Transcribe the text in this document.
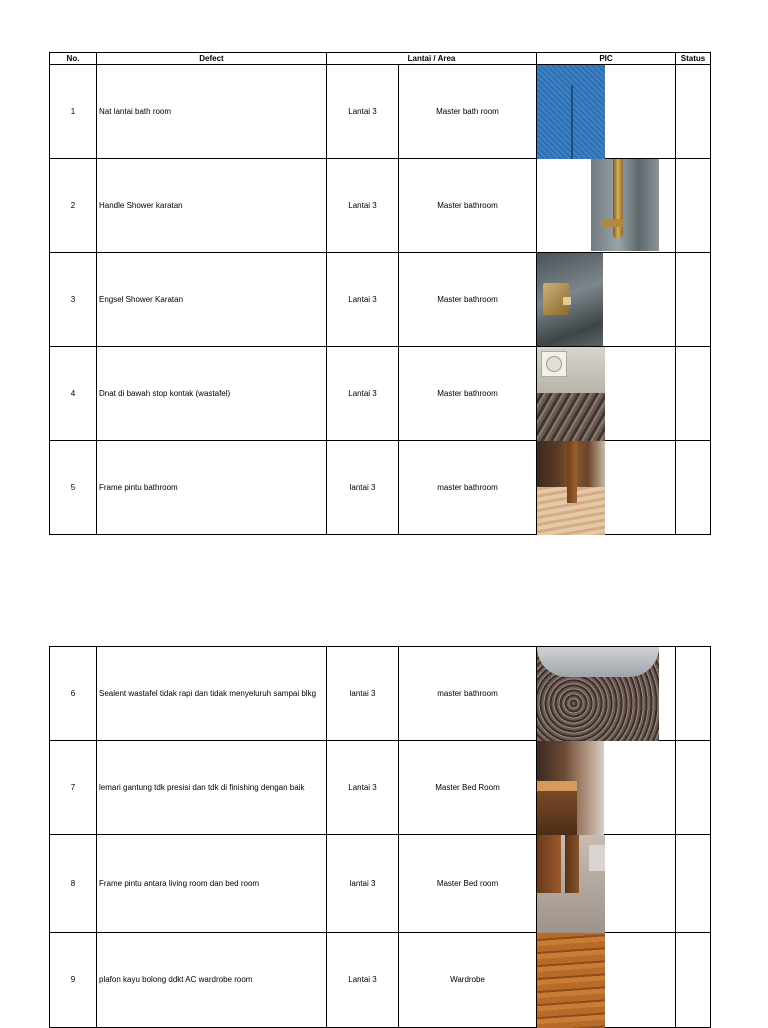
No.	Defect	Lantai / Area		PIC	Status
1	Nat lantai bath room	Lantai 3	Master bath room	

2	Handle Shower karatan	Lantai 3	Master bathroom	

3	Engsel Shower Karatan	Lantai 3	Master bathroom	

4	Dnat di bawah stop kontak (wastafel)	Lantai 3	Master bathroom	

5	Frame pintu bathroom	lantai 3	master bathroom	

6	Sealent wastafel tidak rapi dan tidak menyeluruh sampai blkg	lantai 3	master bathroom	

7	lemari gantung tdk presisi dan tdk di finishing dengan baik	Lantai 3	Master Bed Room	

8	Frame pintu antara living room dan bed room	lantai 3	Master Bed room	

9	plafon kayu bolong ddkt AC wardrobe room	Lantai 3	Wardrobe	
